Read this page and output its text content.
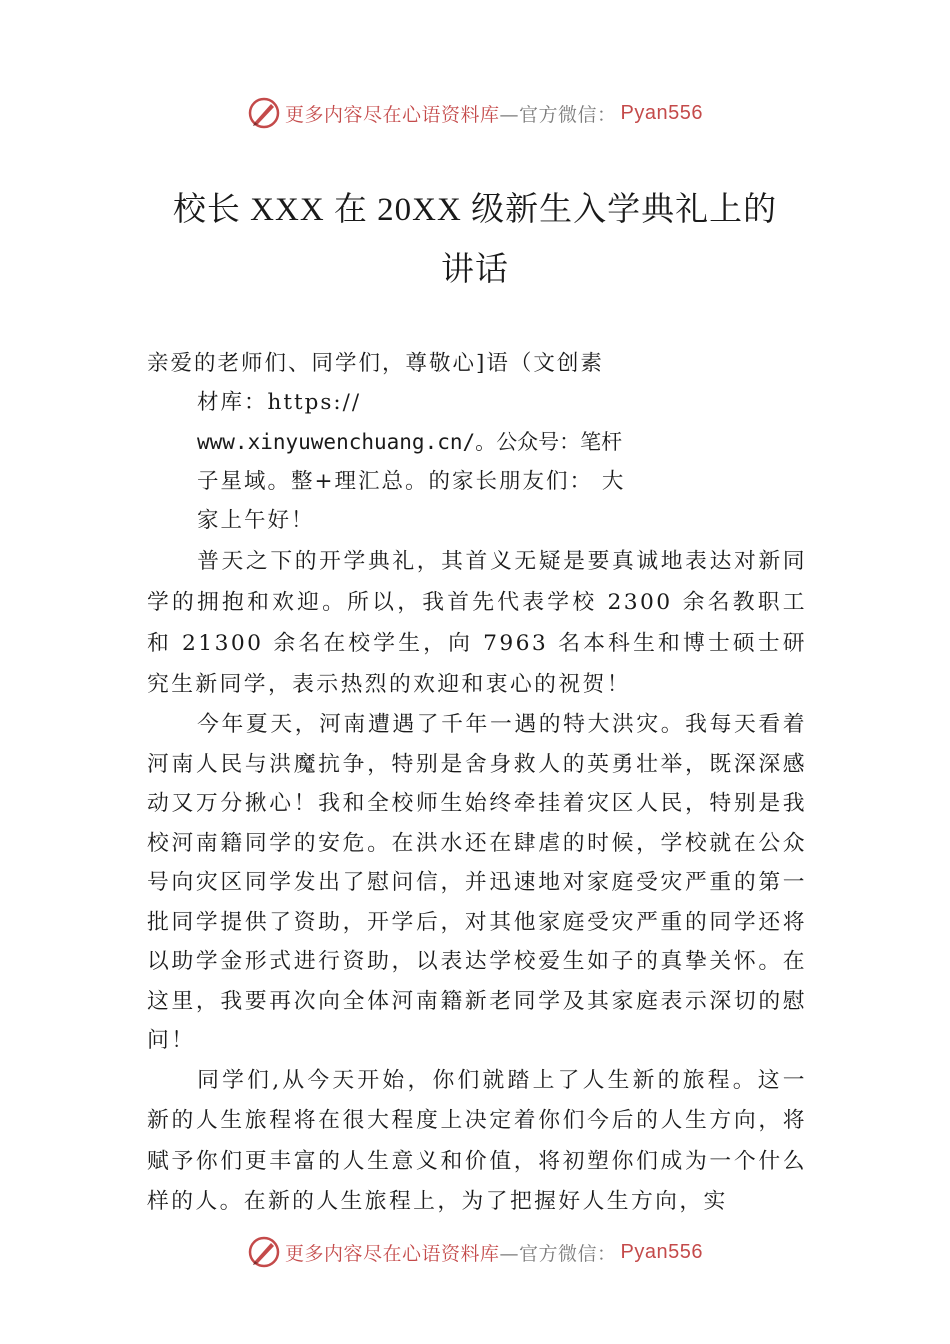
更多内容尽在心语资料库 —官方微信： Pyan556
校长 XXX 在 20XX 级新生入学典礼上的
讲话
亲爱的老师们、同学们，尊敬心]语（文创素
材库：https://
www.xinyuwenchuang.cn/。公众号：笔杆
子星域。整+理汇总。的家长朋友们： 大
家上午好！

普天之下的开学典礼，其首义无疑是要真诚地表达对新同学的拥抱和欢迎。所以，我首先代表学校 2300 余名教职工和 21300 余名在校学生，向 7963 名本科生和博士硕士研究生新同学，表示热烈的欢迎和衷心的祝贺！

今年夏天，河南遭遇了千年一遇的特大洪灾。我每天看着河南人民与洪魔抗争，特别是舍身救人的英勇壮举，既深深感动又万分揪心！我和全校师生始终牵挂着灾区人民，特别是我校河南籍同学的安危。在洪水还在肆虐的时候，学校就在公众号向灾区同学发出了慰问信，并迅速地对家庭受灾严重的第一批同学提供了资助，开学后，对其他家庭受灾严重的同学还将以助学金形式进行资助，以表达学校爱生如子的真挚关怀。在这里，我要再次向全体河南籍新老同学及其家庭表示深切的慰问！

同学们,从今天开始，你们就踏上了人生新的旅程。这一新的人生旅程将在很大程度上决定着你们今后的人生方向，将赋予你们更丰富的人生意义和价值，将初塑你们成为一个什么样的人。在新的人生旅程上，为了把握好人生方向，实

更多内容尽在心语资料库 —官方微信： Pyan556
